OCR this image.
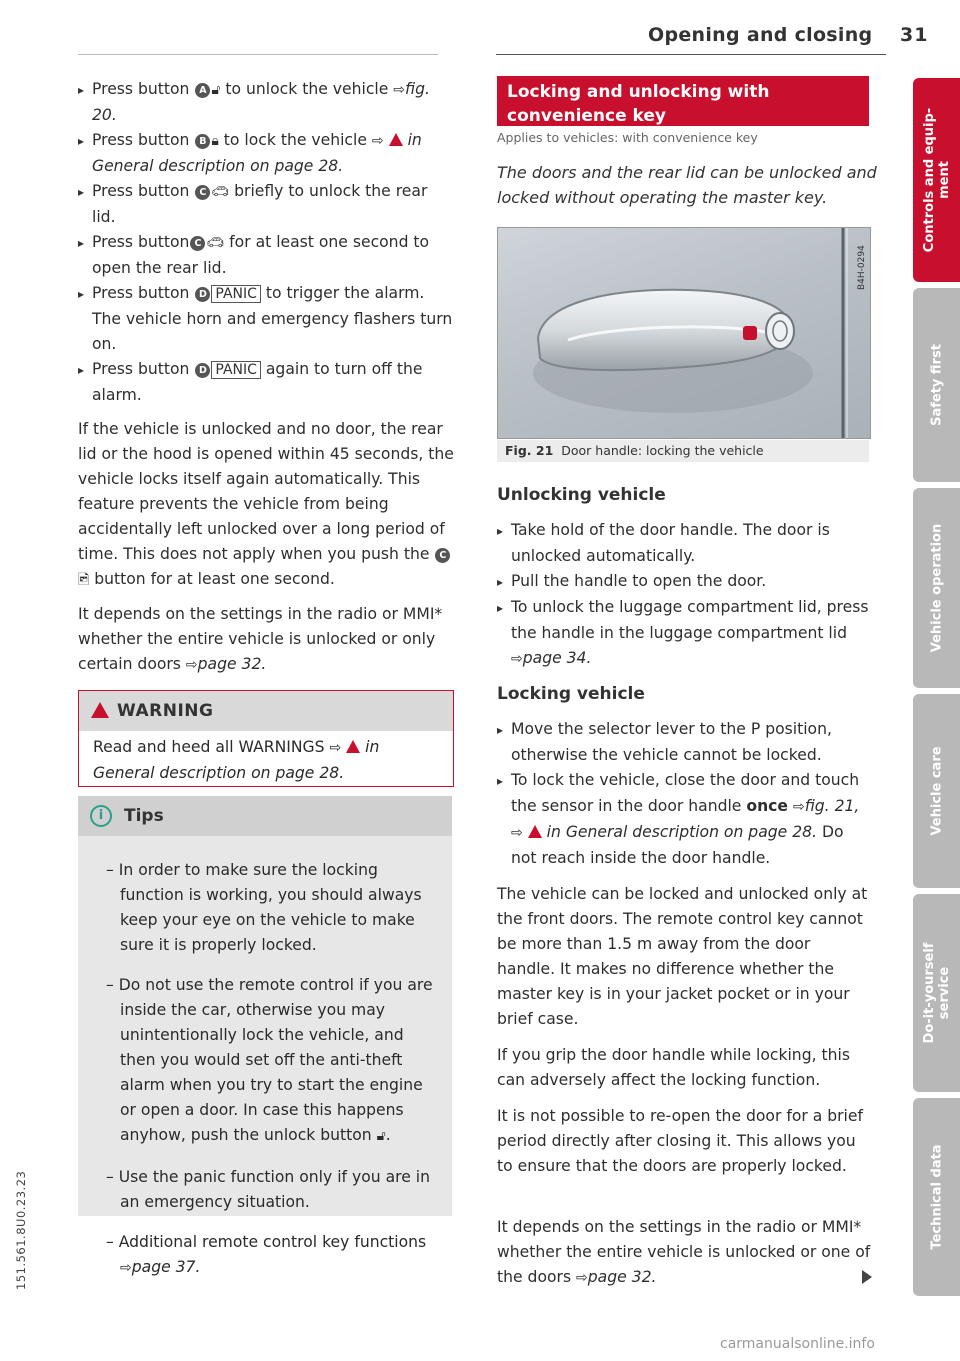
Opening and closing 31

▸ Press button A 🔓︎ to unlock the vehicle ⇨fig. 20.

▸ Press button B 🔒︎ to lock the vehicle ⇨ in General description on page 28.

▸ Press button C 🚗︎ briefly to unlock the rear lid.

▸ Press button C 🚗︎ for at least one second to open the rear lid.

▸ Press button D PANIC to trigger the alarm. The vehicle horn and emergency flashers turn on.

▸ Press button D PANIC again to turn off the alarm.

If the vehicle is unlocked and no door, the rear lid or the hood is opened within 45 seconds, the vehicle locks itself again automatically. This feature prevents the vehicle from being accidentally left unlocked over a long period of time. This does not apply when you push the C🖻︎ button for at least one second.

It depends on the settings in the radio or MMI* whether the entire vehicle is unlocked or only certain doors ⇨page 32.

WARNING
Read and heed all WARNINGS ⇨ in General description on page 28.
i Tips

– In order to make sure the locking function is working, you should always keep your eye on the vehicle to make sure it is properly locked.

– Do not use the remote control if you are inside the car, otherwise you may unintentionally lock the vehicle, and then you would set off the anti-theft alarm when you try to start the engine or open a door. In case this happens anyhow, push the unlock button 🔓︎.

– Use the panic function only if you are in an emergency situation.

– Additional remote control key functions
⇨page 37.

Locking and unlocking with convenience key
Applies to vehicles: with convenience key
The doors and the rear lid can be unlocked and locked without operating the master key.
B4H-0294
Fig. 21 Door handle: locking the vehicle

Unlocking vehicle

▸ Take hold of the door handle. The door is unlocked automatically.

▸ Pull the handle to open the door.

▸ To unlock the luggage compartment lid, press the handle in the luggage compartment lid ⇨page 34.

Locking vehicle

▸ Move the selector lever to the P position, otherwise the vehicle cannot be locked.

▸ To lock the vehicle, close the door and touch the sensor in the door handle once ⇨fig. 21, ⇨ in General description on page 28. Do not reach inside the door handle.

The vehicle can be locked and unlocked only at the front doors. The remote control key cannot be more than 1.5 m away from the door handle. It makes no difference whether the master key is in your jacket pocket or in your brief case.

If you grip the door handle while locking, this can adversely affect the locking function.

It is not possible to re-open the door for a brief period directly after closing it. This allows you to ensure that the doors are properly locked.

It depends on the settings in the radio or MMI* whether the entire vehicle is unlocked or one of the doors ⇨page 32.

Controls and equip-
ment
Safety first
Vehicle operation
Vehicle care
Do-it-yourself
service
Technical data
151.561.8U0.23.23
carmanualsonline.info
